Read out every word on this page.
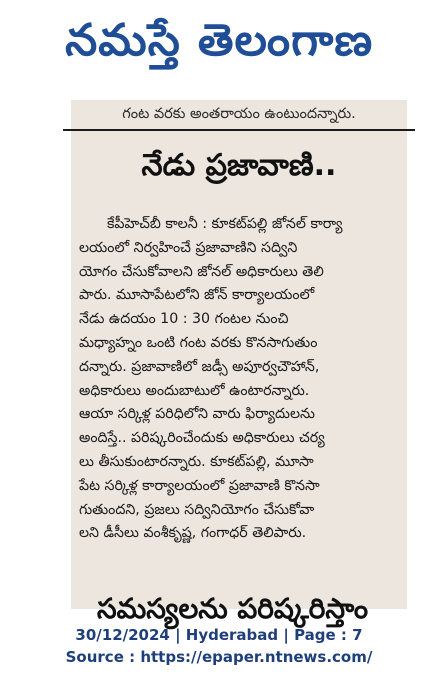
నమస్తే తెలంగాణ
గంట వరకు అంతరాయం ఉంటుందన్నారు.
నేడు ప్రజావాణి..
కేపీహెచ్‌బీ కాలనీ : కూకట్‌పల్లి జోనల్ కార్యా
లయంలో నిర్వహించే ప్రజావాణిని సద్విని
యోగం చేసుకోవాలని జోనల్ అధికారులు తెలి
పారు. మూసాపేటలోని జోన్ కార్యాలయంలో
నేడు ఉదయం 10 : 30 గంటల నుంచి
మధ్యాహ్నం ఒంటి గంట వరకు కొనసాగుతుం
దన్నారు. ప్రజావాణిలో జడ్సీ అపూర్వచౌహాన్,
అధికారులు అందుబాటులో ఉంటారన్నారు.
ఆయా సర్కిళ్ల పరిధిలోని వారు ఫిర్యాదులను
అందిస్తే.. పరిష్కరించేందుకు అధికారులు చర్య
లు తీసుకుంటారన్నారు. కూకట్‌పల్లి, మూసా
పేట సర్కిళ్ల కార్యాలయంలో ప్రజావాణి కొనసా
గుతుందని, ప్రజలు సద్వినియోగం చేసుకోవా
లని డీసీలు వంశీకృష్ణ, గంగాధర్ తెలిపారు.
సమస్యలను పరిష్కరిస్తాం
30/12/2024 | Hyderabad | Page : 7
Source : https://epaper.ntnews.com/
